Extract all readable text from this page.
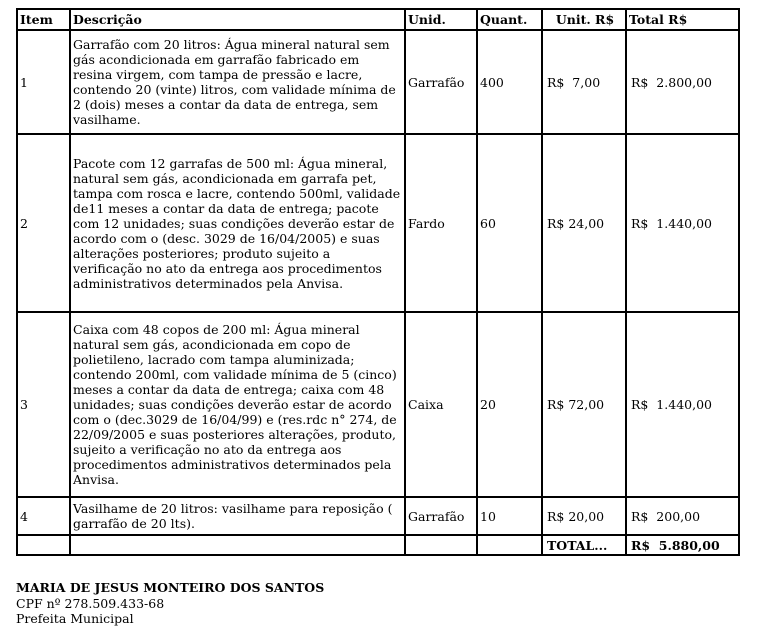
Item	Descrição	Unid.	Quant.	Unit. R$	Total R$
1	Garrafão com 20 litros: Água mineral natural sem gás acondicionada em garrafão fabricado em resina virgem, com tampa de pressão e lacre, contendo 20 (vinte) litros, com validade mínima de 2 (dois) meses a contar da data de entrega, sem vasilhame.	Garrafão	400	R$  7,00	R$  2.800,00
2	Pacote com 12 garrafas de 500 ml: Água mineral, natural sem gás, acondicionada em garrafa pet, tampa com rosca e lacre, contendo 500ml, validade de11 meses a contar da data de entrega; pacote com 12 unidades; suas condições deverão estar de acordo com o (desc. 3029 de 16/04/2005) e suas alterações posteriores; produto sujeito a verificação no ato da entrega aos procedimentos administrativos determinados pela Anvisa.	Fardo	60	R$ 24,00	R$  1.440,00
3	Caixa com 48 copos de 200 ml: Água mineral natural sem gás, acondicionada em copo de polietileno, lacrado com tampa aluminizada; contendo 200ml, com validade mínima de 5 (cinco) meses a contar da data de entrega; caixa com 48 unidades; suas condições deverão estar de acordo com o (dec.3029 de 16/04/99) e (res.rdc n° 274, de 22/09/2005 e suas posteriores alterações, produto, sujeito a verificação no ato da entrega aos procedimentos administrativos determinados pela Anvisa.	Caixa	20	R$ 72,00	R$  1.440,00
4	Vasilhame de 20 litros: vasilhame para reposição ( garrafão de 20 lts).	Garrafão	10	R$ 20,00	R$  200,00
				TOTAL...	R$  5.880,00
MARIA DE JESUS MONTEIRO DOS SANTOS
CPF nº 278.509.433-68
Prefeita Municipal
